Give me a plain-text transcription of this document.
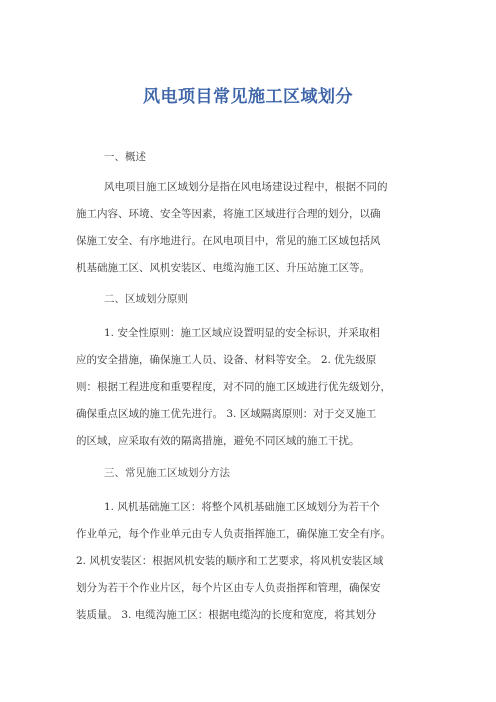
风电项目常见施工区域划分
一、概述
风电项目施工区域划分是指在风电场建设过程中，根据不同的
施工内容、环境、安全等因素，将施工区域进行合理的划分，以确
保施工安全、有序地进行。在风电项目中，常见的施工区域包括风
机基础施工区、风机安装区、电缆沟施工区、升压站施工区等。
二、区域划分原则
1. 安全性原则：施工区域应设置明显的安全标识，并采取相
应的安全措施，确保施工人员、设备、材料等安全。 2. 优先级原
则：根据工程进度和重要程度，对不同的施工区域进行优先级划分，
确保重点区域的施工优先进行。 3. 区域隔离原则：对于交叉施工
的区域，应采取有效的隔离措施，避免不同区域的施工干扰。
三、常见施工区域划分方法
1. 风机基础施工区：将整个风机基础施工区域划分为若干个
作业单元，每个作业单元由专人负责指挥施工，确保施工安全有序。
2. 风机安装区：根据风机安装的顺序和工艺要求，将风机安装区域
划分为若干个作业片区，每个片区由专人负责指挥和管理，确保安
装质量。 3. 电缆沟施工区：根据电缆沟的长度和宽度，将其划分
